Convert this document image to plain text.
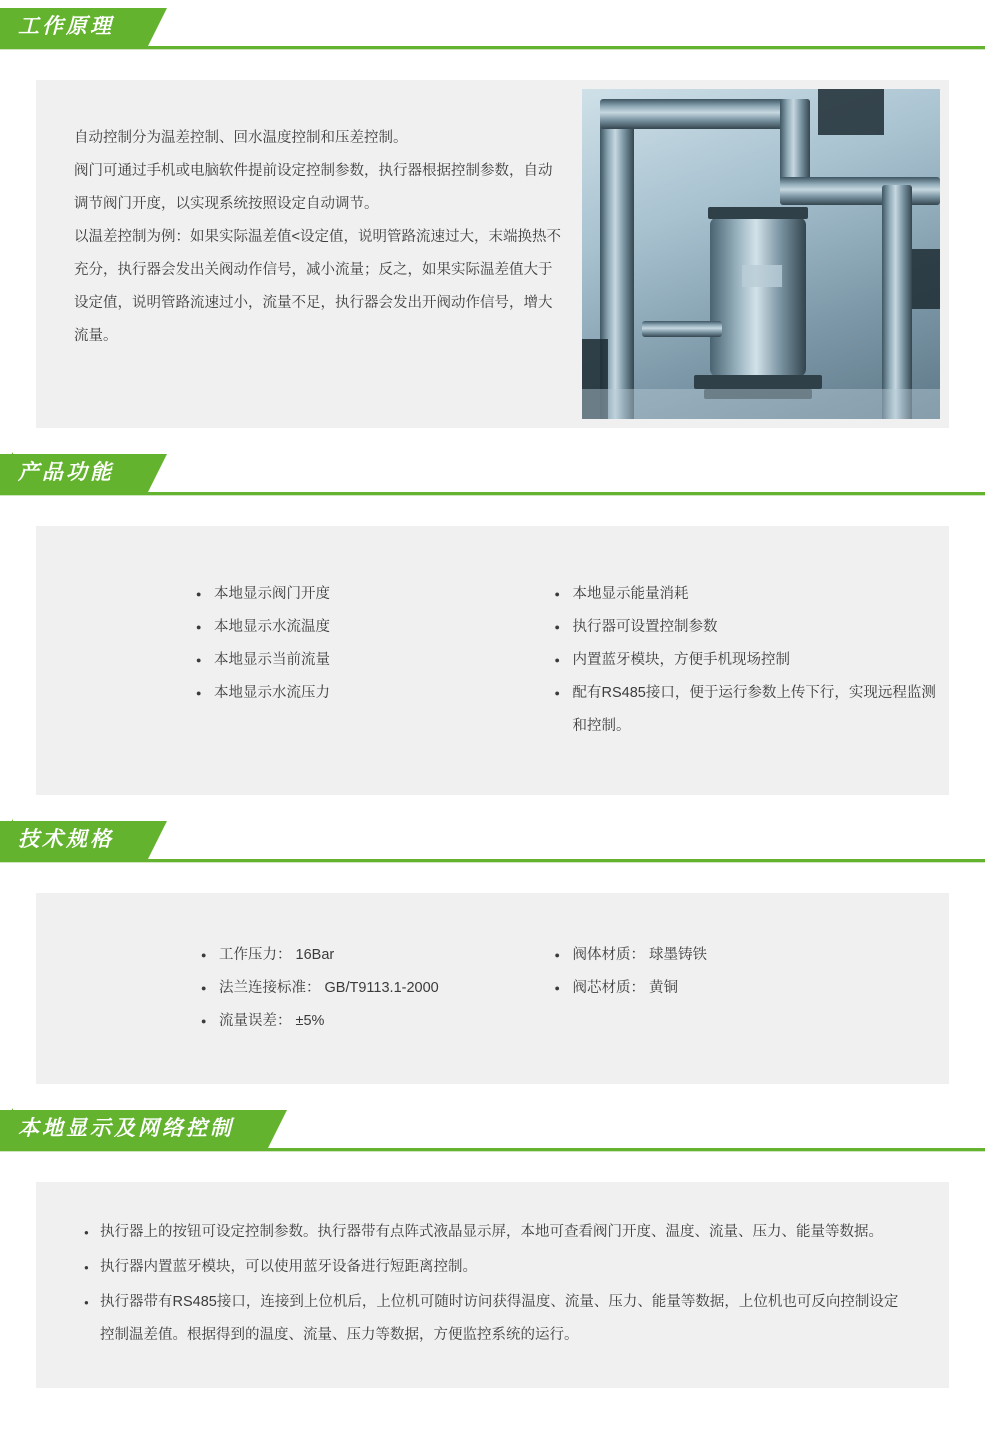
工作原理

自动控制分为温差控制、回水温度控制和压差控制。

阀门可通过手机或电脑软件提前设定控制参数，执行器根据控制参数，自动调节阀门开度，以实现系统按照设定自动调节。

以温差控制为例：如果实际温差值<设定值，说明管路流速过大，末端换热不充分，执行器会发出关阀动作信号，减小流量；反之，如果实际温差值大于设定值，说明管路流速过小，流量不足，执行器会发出开阀动作信号，增大流量。

✦
产品功能
● 本地显示阀门开度
● 本地显示水流温度
● 本地显示当前流量
● 本地显示水流压力
● 本地显示能量消耗
● 执行器可设置控制参数
● 内置蓝牙模块，方便手机现场控制
● 配有RS485接口，便于运行参数上传下行，实现远程监测和控制。
✦
技术规格
● 工作压力： 16Bar
● 法兰连接标准： GB/T9113.1-2000
● 流量误差： ±5%
● 阀体材质： 球墨铸铁
● 阀芯材质： 黄铜
✦
本地显示及网络控制
● 执行器上的按钮可设定控制参数。执行器带有点阵式液晶显示屏，本地可查看阀门开度、温度、流量、压力、能量等数据。
● 执行器内置蓝牙模块，可以使用蓝牙设备进行短距离控制。
● 执行器带有RS485接口，连接到上位机后，上位机可随时访问获得温度、流量、压力、能量等数据，上位机也可反向控制设定控制温差值。根据得到的温度、流量、压力等数据，方便监控系统的运行。
